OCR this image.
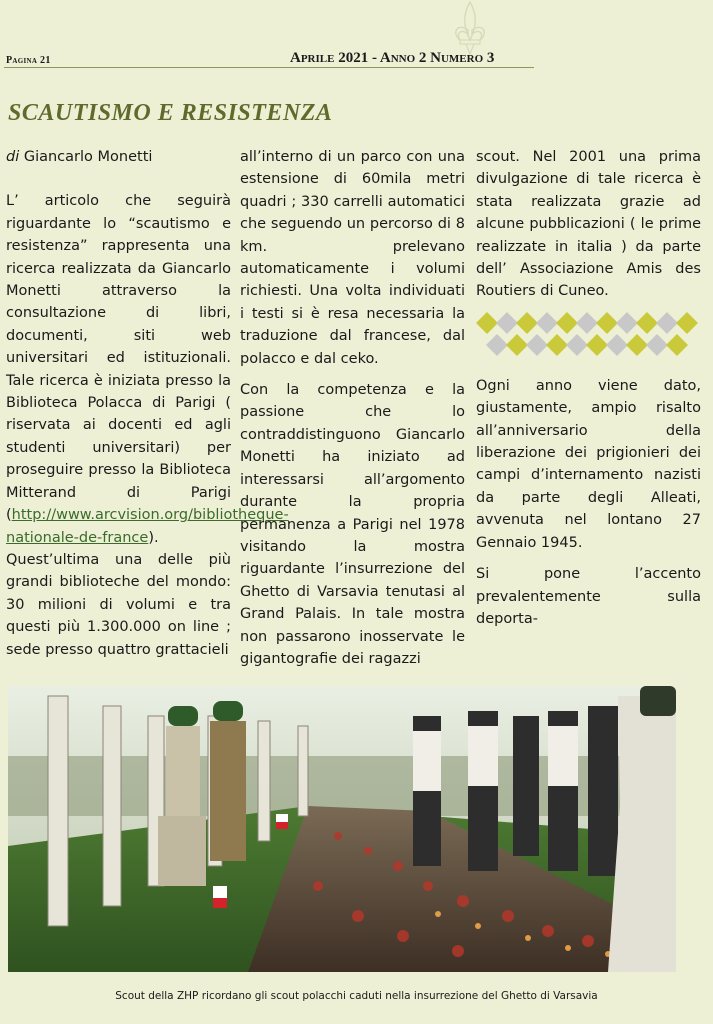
Pagina 21	Aprile 2021 - Anno 2 Numero 3
SCAUTISMO E RESISTENZA

di Giancarlo Monetti

L’ articolo che seguirà riguardante lo “scautismo e resistenza” rappresenta una ricerca realizzata da Giancarlo Monetti attraverso la consultazione di libri, documenti, siti web universitari ed istituzionali. Tale ricerca è iniziata presso la Biblioteca Polacca di Parigi ( riservata ai docenti ed agli studenti universitari) per proseguire presso la Biblioteca Mitterand di Parigi (http://www.arcvision.org/bibliotheque-nationale-de-france). Quest’ultima una delle più grandi biblioteche del mondo: 30 milioni di volumi e tra questi più 1.300.000 on line ; sede presso quattro grattacieli

all’interno di un parco con una estensione di 60mila metri quadri ; 330 carrelli automatici che seguendo un percorso di 8 km. prelevano automaticamente i volumi richiesti. Una volta individuati i testi si è resa necessaria la traduzione dal francese, dal polacco e dal ceko.

Con la competenza e la passione che lo contraddistinguono Giancarlo Monetti ha iniziato ad interessarsi all’argomento durante la propria permanenza a Parigi nel 1978 visitando la mostra riguardante l’insurrezione del Ghetto di Varsavia tenutasi al Grand Palais. In tale mostra non passarono inosservate le gigantografie dei ragazzi

scout. Nel 2001 una prima divulgazione di tale ricerca è stata realizzata grazie ad alcune pubblicazioni ( le prime realizzate in italia ) da parte dell’ Associazione Amis des Routiers di Cuneo.

Ogni anno viene dato, giustamente, ampio risalto all’anniversario della liberazione dei prigionieri dei campi d’internamento nazisti da parte degli Alleati, avvenuta nel lontano 27 Gennaio 1945.

Si pone l’accento prevalentemente sulla deporta-

Scout della ZHP ricordano gli scout polacchi caduti nella insurrezione del Ghetto di Varsavia
